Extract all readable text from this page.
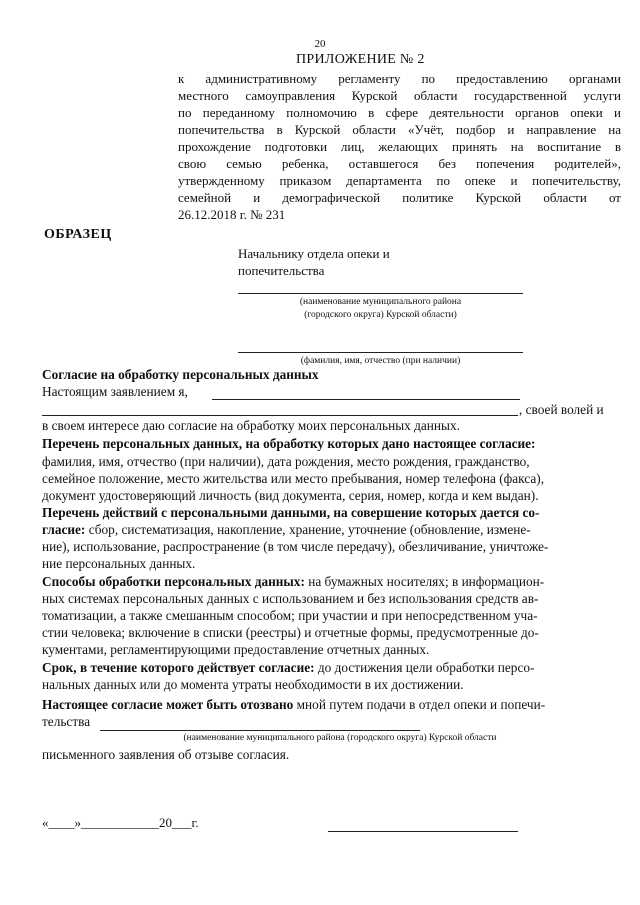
20
ПРИЛОЖЕНИЕ № 2
к административному регламенту по предоставлению органами
местного самоуправления Курской области государственной услуги
по переданному полномочию в сфере деятельности органов опеки и
попечительства в Курской области «Учёт, подбор и направление на
прохождение подготовки лиц, желающих принять на воспитание в
свою семью ребенка, оставшегося без попечения родителей»,
утвержденному приказом департамента по опеке и попечительству,
семейной и демографической политике Курской области от
26.12.2018 г. № 231
ОБРАЗЕЦ
Начальнику отдела опеки и
попечительства
(наименование муниципального района
(городского округа) Курской области)
(фамилия, имя, отчество (при наличии)
Согласие на обработку персональных данных
Настоящим заявлением я,
, своей волей и
в своем интересе даю согласие на обработку моих персональных данных.
Перечень персональных данных, на обработку которых дано настоящее согласие:
фамилия, имя, отчество (при наличии), дата рождения, место рождения, гражданство,
семейное положение, место жительства или место пребывания, номер телефона (факса),
документ удостоверяющий личность (вид документа, серия, номер, когда и кем выдан).
Перечень действий с персональными данными, на совершение которых дается со-
гласие: сбор, систематизация, накопление, хранение, уточнение (обновление, измене-
ние), использование, распространение (в том числе передачу), обезличивание, уничтоже-
ние персональных данных.
Способы обработки персональных данных: на бумажных носителях; в информацион-
ных системах персональных данных с использованием и без использования средств ав-
томатизации, а также смешанным способом; при участии и при непосредственном уча-
стии человека; включение в списки (реестры) и отчетные формы, предусмотренные до-
кументами, регламентирующими предоставление отчетных данных.
Срок, в течение которого действует согласие: до достижения цели обработки персо-
нальных данных или до момента утраты необходимости в их достижении.
Настоящее согласие может быть отозвано мной путем подачи в отдел опеки и попечи-
тельства
(наименование муниципального района (городского округа) Курской области
письменного заявления об отзыве согласия.
«____»____________20___г.
